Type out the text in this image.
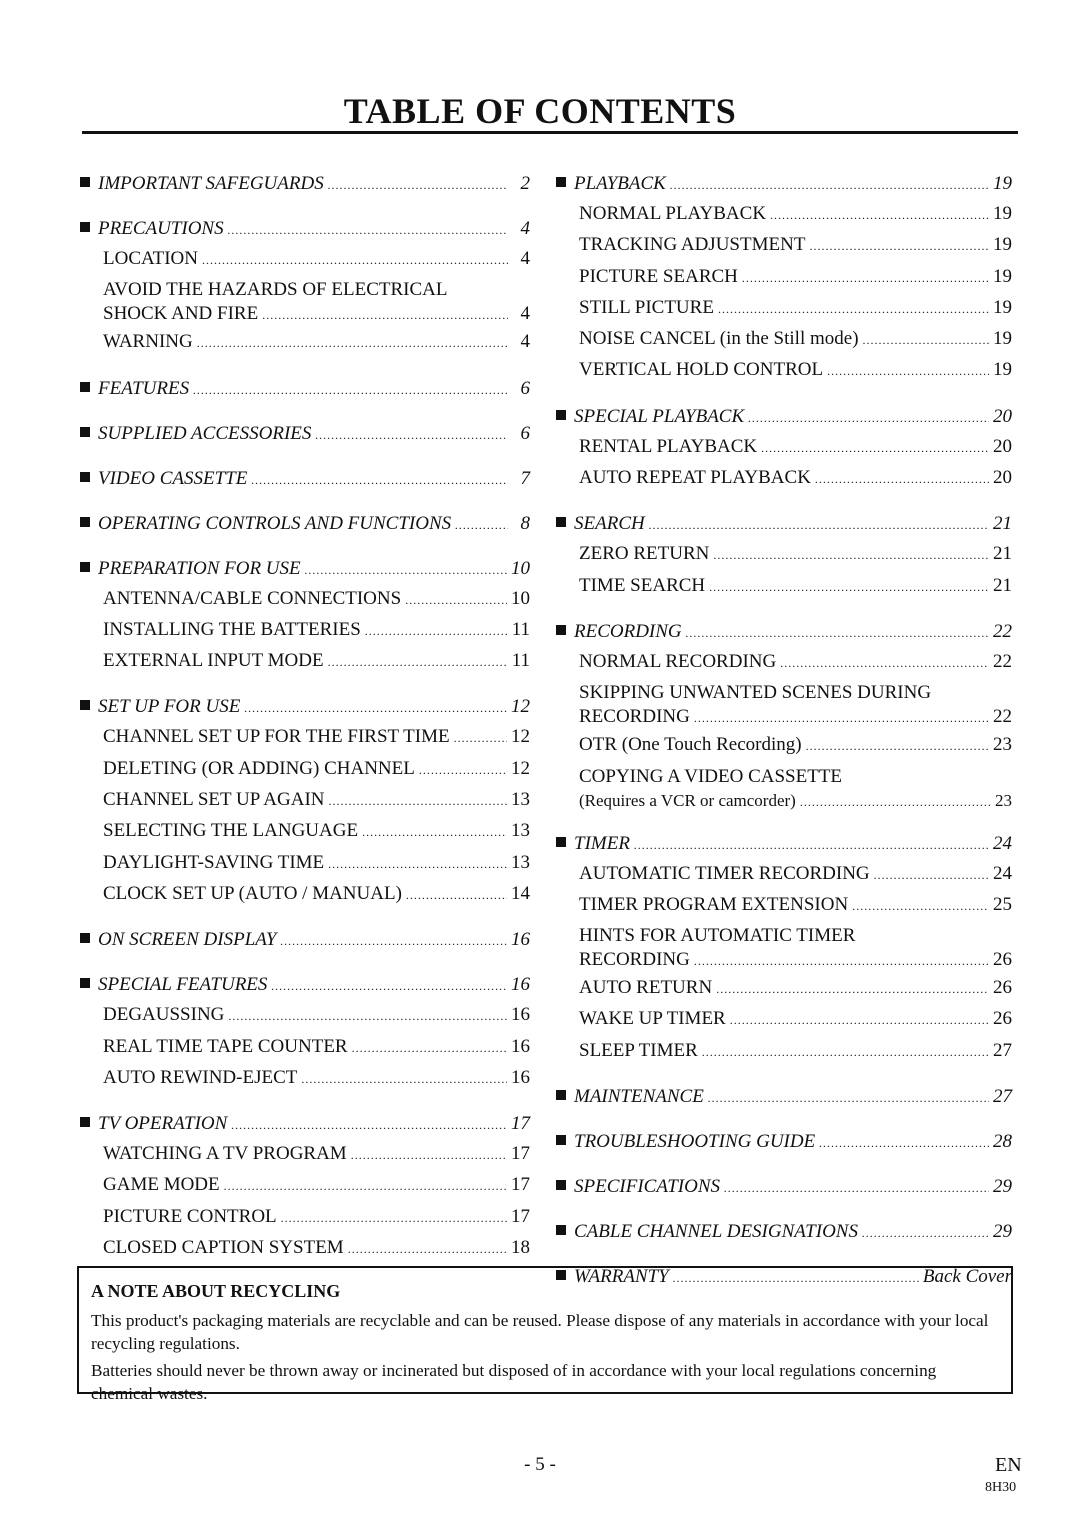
TABLE OF CONTENTS
IMPORTANT SAFEGUARDS .....	2
PRECAUTIONS .....	4
LOCATION .....	4
AVOID THE HAZARDS OF ELECTRICAL
SHOCK AND FIRE .....	4
WARNING .....	4
FEATURES .....	6
SUPPLIED ACCESSORIES .....	6
VIDEO CASSETTE .....	7
OPERATING CONTROLS AND FUNCTIONS .....	8
PREPARATION FOR USE .....	10
ANTENNA/CABLE CONNECTIONS .....	10
INSTALLING THE BATTERIES .....	11
EXTERNAL INPUT MODE .....	11
SET UP FOR USE .....	12
CHANNEL SET UP FOR THE FIRST TIME .....	12
DELETING (OR ADDING) CHANNEL .....	12
CHANNEL SET UP AGAIN .....	13
SELECTING THE LANGUAGE .....	13
DAYLIGHT-SAVING TIME .....	13
CLOCK SET UP (AUTO / MANUAL) .....	14
ON SCREEN DISPLAY .....	16
SPECIAL FEATURES .....	16
DEGAUSSING .....	16
REAL TIME TAPE COUNTER .....	16
AUTO REWIND-EJECT .....	16
TV OPERATION .....	17
WATCHING A TV PROGRAM .....	17
GAME MODE .....	17
PICTURE CONTROL .....	17
CLOSED CAPTION SYSTEM .....	18
PLAYBACK .....	19
NORMAL PLAYBACK .....	19
TRACKING ADJUSTMENT .....	19
PICTURE SEARCH .....	19
STILL PICTURE .....	19
NOISE CANCEL (in the Still mode) .....	19
VERTICAL HOLD CONTROL .....	19
SPECIAL PLAYBACK .....	20
RENTAL PLAYBACK .....	20
AUTO REPEAT PLAYBACK .....	20
SEARCH .....	21
ZERO RETURN .....	21
TIME SEARCH .....	21
RECORDING .....	22
NORMAL RECORDING .....	22
SKIPPING UNWANTED SCENES DURING
RECORDING .....	22
OTR (One Touch Recording) .....	23
COPYING A VIDEO CASSETTE
(Requires a VCR or camcorder) .....	23
TIMER .....	24
AUTOMATIC TIMER RECORDING .....	24
TIMER PROGRAM EXTENSION .....	25
HINTS FOR AUTOMATIC TIMER
RECORDING .....	26
AUTO RETURN .....	26
WAKE UP TIMER .....	26
SLEEP TIMER .....	27
MAINTENANCE .....	27
TROUBLESHOOTING GUIDE .....	28
SPECIFICATIONS .....	29
CABLE CHANNEL DESIGNATIONS .....	29
WARRANTY .....	Back Cover
A NOTE ABOUT RECYCLING

This product's packaging materials are recyclable and can be reused. Please dispose of any materials in accordance with your local recycling regulations.

Batteries should never be thrown away or incinerated but disposed of in accordance with your local regulations concerning chemical wastes.

- 5 -	EN
8H30
